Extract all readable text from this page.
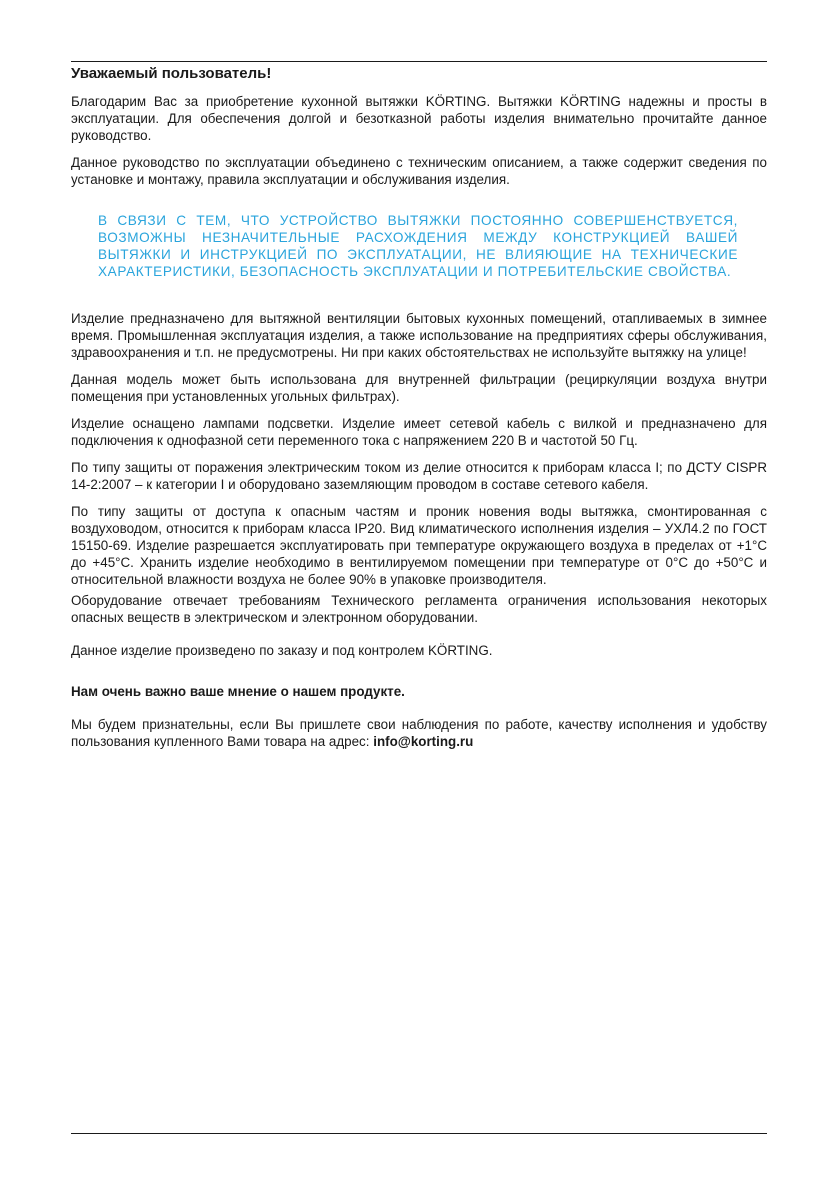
Уважаемый пользователь!

Благодарим Вас за приобретение кухонной вытяжки KÖRTING. Вытяжки KÖRTING надежны и просты в эксплуатации. Для обеспечения долгой и безотказной работы изделия внимательно прочитайте данное руководство.

Данное руководство по эксплуатации объединено с техническим описанием, а также содержит сведения по установке и монтажу, правила эксплуатации и обслуживания изделия.

В СВЯЗИ С ТЕМ, ЧТО УСТРОЙСТВО ВЫТЯЖКИ ПОСТОЯННО СОВЕРШЕНСТВУЕТСЯ, ВОЗМОЖНЫ НЕЗНАЧИТЕЛЬНЫЕ РАСХОЖДЕНИЯ МЕЖДУ КОНСТРУКЦИЕЙ ВАШЕЙ ВЫТЯЖКИ И ИНСТРУКЦИЕЙ ПО ЭКСПЛУАТАЦИИ, НЕ ВЛИЯЮЩИЕ НА ТЕХНИЧЕСКИЕ ХАРАКТЕРИСТИКИ, БЕЗОПАСНОСТЬ ЭКСПЛУАТАЦИИ И ПОТРЕБИТЕЛЬСКИЕ СВОЙСТВА.

Изделие предназначено для вытяжной вентиляции бытовых кухонных помещений, отапливаемых в зимнее время. Промышленная эксплуатация изделия, а также использование на предприятиях сферы обслуживания, здравоохранения и т.п. не предусмотрены. Ни при каких обстоятельствах не используйте вытяжку на улице!

Данная модель может быть использована для внутренней фильтрации (рециркуляции воздуха внутри помещения при установленных угольных фильтрах).

Изделие оснащено лампами подсветки. Изделие имеет сетевой кабель с вилкой и предназначено для подключения к однофазной сети переменного тока с напряжением 220 В и частотой 50 Гц.

По типу защиты от поражения электрическим током из делие относится к приборам класса I; по ДСТУ CISPR 14-2:2007 – к категории I и оборудовано заземляющим проводом в составе сетевого кабеля.

По типу защиты от доступа к опасным частям и проник новения воды вытяжка, смонтированная с воздуховодом, относится к приборам класса IP20. Вид климатического исполнения изделия – УХЛ4.2 по ГОСТ 15150-69. Изделие разрешается эксплуатировать при температуре окружающего воздуха в пределах от +1°С до +45°С. Хранить изделие необходимо в вентилируемом помещении при температуре от 0°С до +50°С и относительной влажности воздуха не более 90% в упаковке производителя.

Оборудование отвечает требованиям Технического регламента ограничения использования некоторых опасных веществ в электрическом и электронном оборудовании.

Данное изделие произведено по заказу и под контролем KÖRTING.

Нам очень важно ваше мнение о нашем продукте.

Мы будем признательны, если Вы пришлете свои наблюдения по работе, качеству исполнения и удобству пользования купленного Вами товара на адрес: info@korting.ru
